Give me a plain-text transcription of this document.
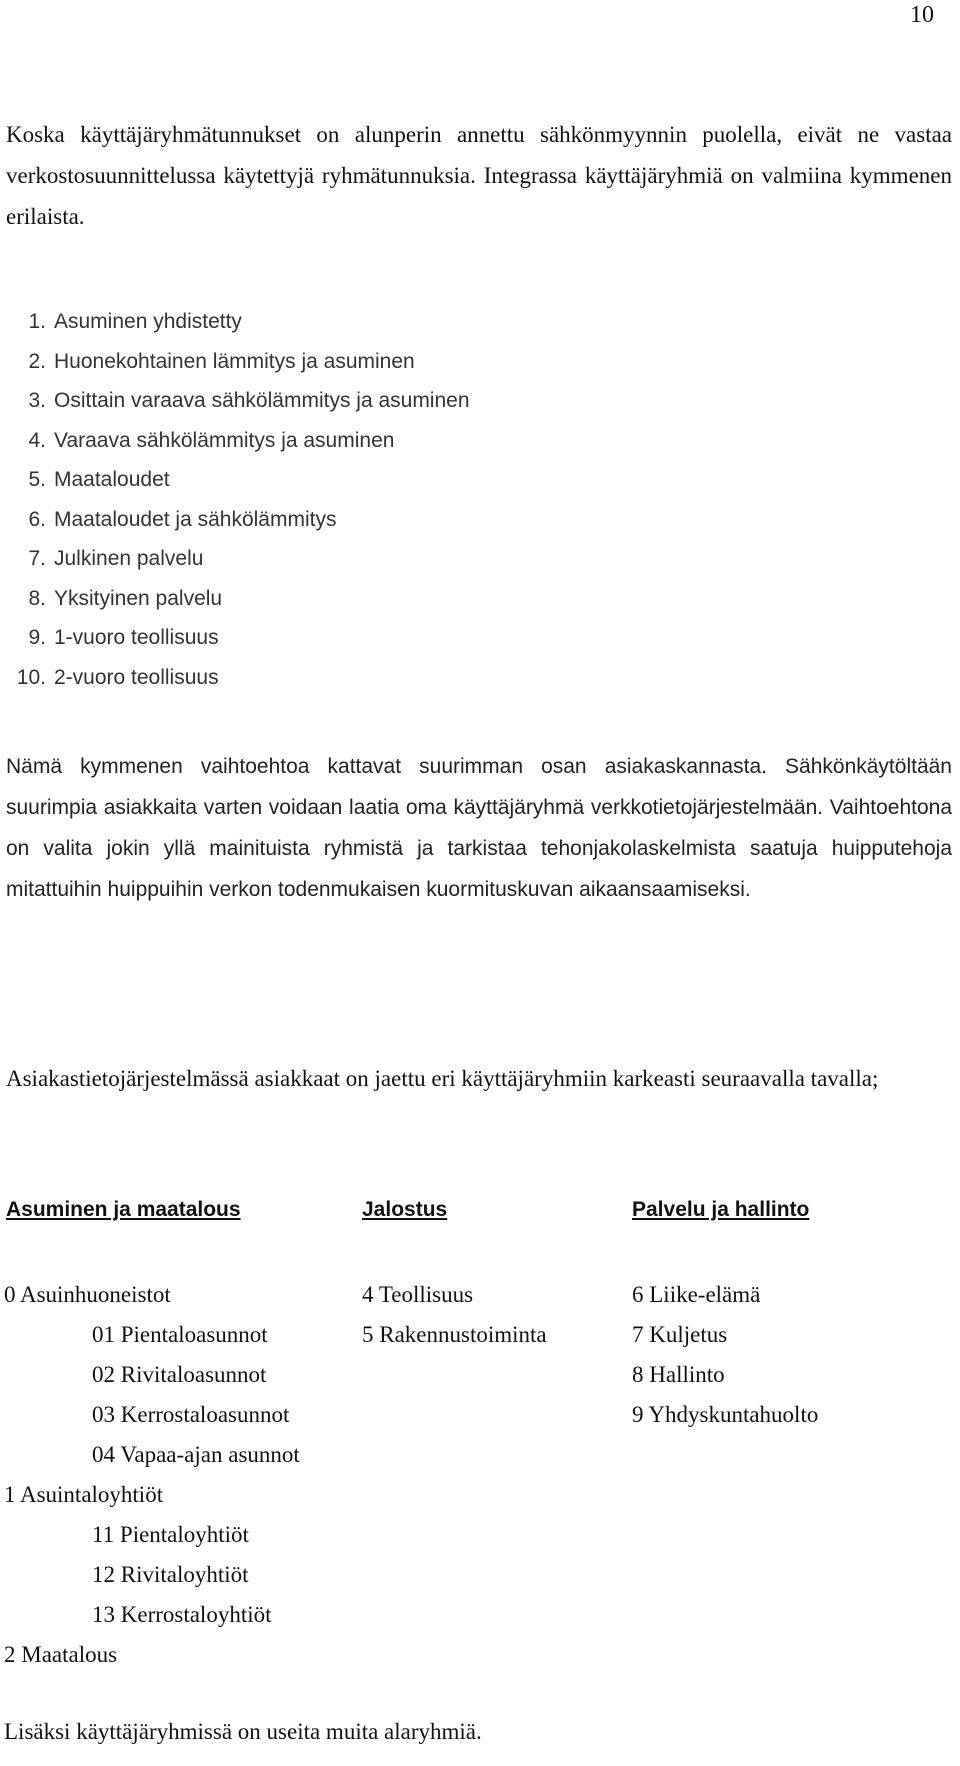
10

Koska käyttäjäryhmätunnukset on alunperin annettu sähkönmyynnin puolella, eivät ne vastaa verkostosuunnittelussa käytettyjä ryhmätunnuksia. Integrassa käyttäjäryhmiä on valmiina kymmenen erilaista.

1. Asuminen yhdistetty
2. Huonekohtainen lämmitys ja asuminen
3. Osittain varaava sähkölämmitys ja asuminen
4. Varaava sähkölämmitys ja asuminen
5. Maataloudet
6. Maataloudet ja sähkölämmitys
7. Julkinen palvelu
8. Yksityinen palvelu
9. 1-vuoro teollisuus
10. 2-vuoro teollisuus

Nämä kymmenen vaihtoehtoa kattavat suurimman osan asiakaskannasta. Sähkönkäytöltään suurimpia asiakkaita varten voidaan laatia oma käyttäjäryhmä verkkotietojärjestelmään. Vaihtoehtona on valita jokin yllä mainituista ryhmistä ja tarkistaa tehonjakolaskelmista saatuja huipputehoja mitattuihin huippuihin verkon todenmukaisen kuormituskuvan aikaansaamiseksi.

Asiakastietojärjestelmässä asiakkaat on jaettu eri käyttäjäryhmiin karkeasti seuraavalla tavalla;

Asuminen ja maatalous	Jalostus	Palvelu ja hallinto
0 Asuinhuoneistot
01 Pientaloasunnot
02 Rivitaloasunnot
03 Kerrostaloasunnot
04 Vapaa-ajan asunnot
1 Asuintaloyhtiöt
11 Pientaloyhtiöt
12 Rivitaloyhtiöt
13 Kerrostaloyhtiöt
2 Maatalous
4 Teollisuus
5 Rakennustoiminta
6 Liike-elämä
7 Kuljetus
8 Hallinto
9 Yhdyskuntahuolto
Lisäksi käyttäjäryhmissä on useita muita alaryhmiä.
